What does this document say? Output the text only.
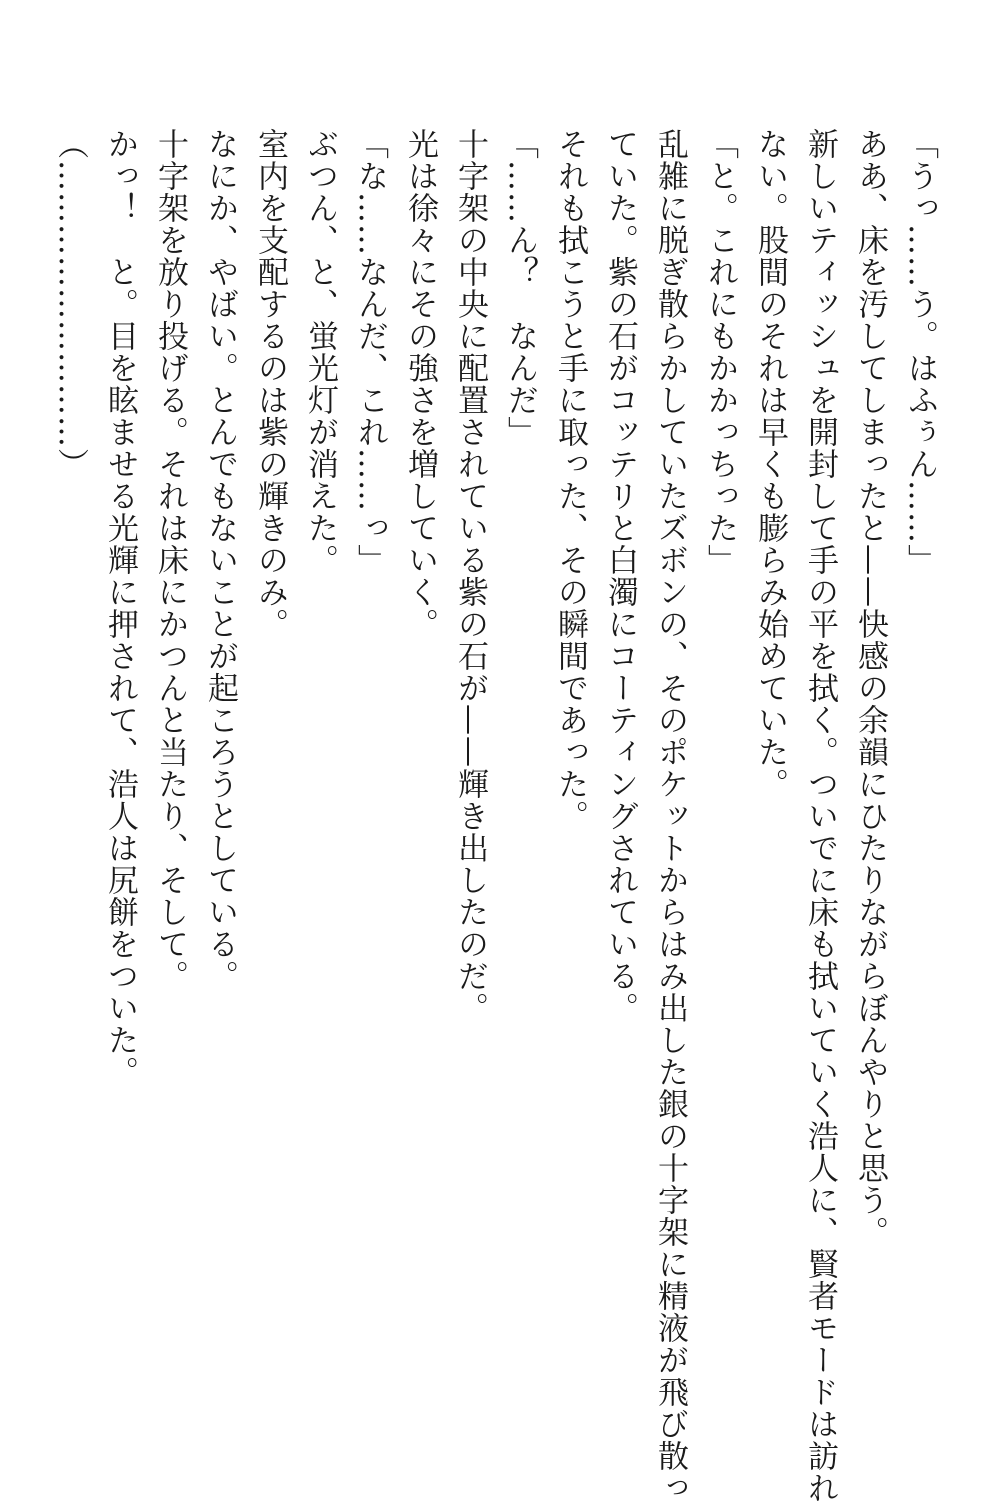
「うっ……う。はふぅん……」
ああ、床を汚してしまったと——快感の余韻にひたりながらぼんやりと思う。
新しいティッシュを開封して手の平を拭く。ついでに床も拭いていく浩人に、賢者モードは訪れ
ない。股間のそれは早くも膨らみ始めていた。
「と。これにもかかっちった」
乱雑に脱ぎ散らかしていたズボンの、そのポケットからはみ出した銀の十字架に精液が飛び散っ
ていた。紫の石がコッテリと白濁にコーティングされている。
それも拭こうと手に取った、その瞬間であった。
「……ん？　なんだ」
十字架の中央に配置されている紫の石が——輝き出したのだ。
光は徐々にその強さを増していく。
「な……なんだ、これ……っ」
ぶつん、と、蛍光灯が消えた。
室内を支配するのは紫の輝きのみ。
なにか、やばい。とんでもないことが起ころうとしている。
十字架を放り投げる。それは床にかつんと当たり、そして。
かっ！　と。目を眩ませる光輝に押されて、浩人は尻餅をついた。
（………………………）
